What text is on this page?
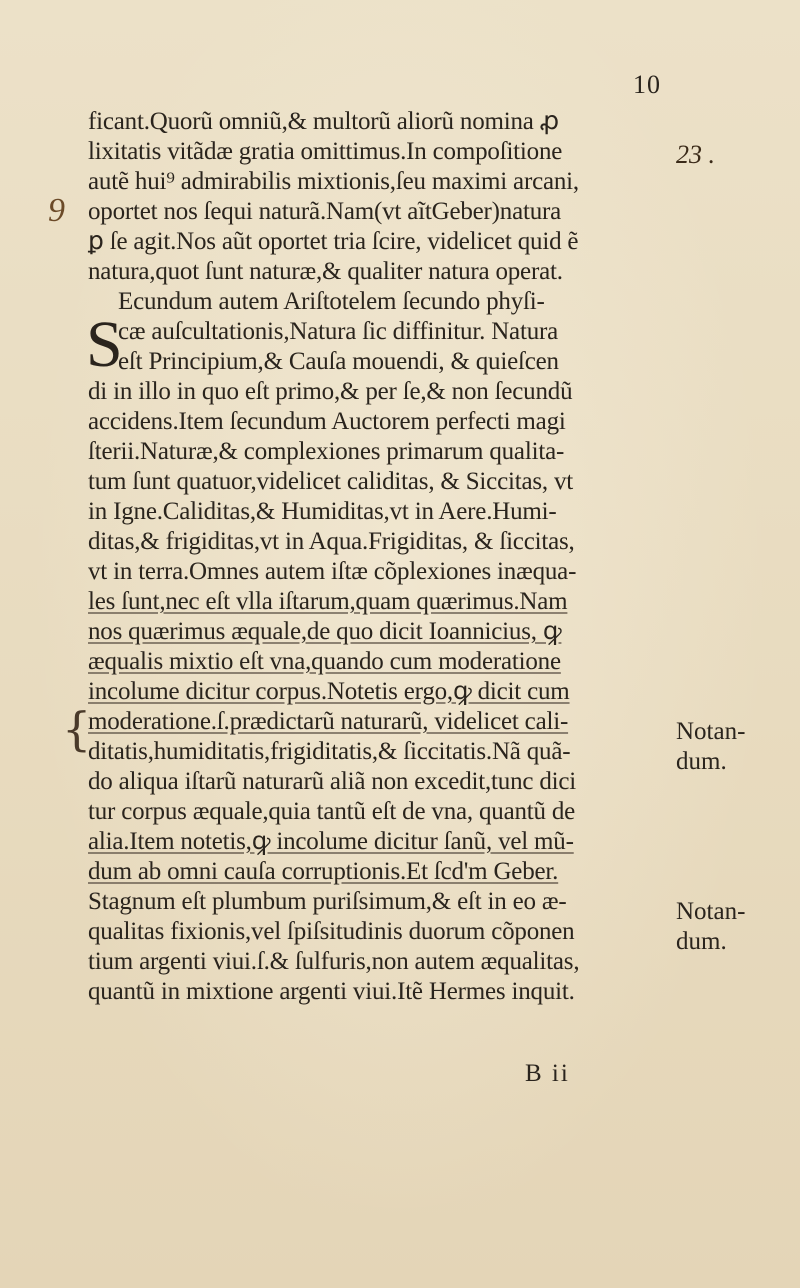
10
23 .
9
S
{
ficant.Quorũ omniũ,& multorũ aliorũ nomina ꝓ
lixitatis vitãdæ gratia omittimus.In compoſitione
autẽ hui⁹ admirabilis mixtionis,ſeu maximi arcani,
oportet nos ſequi naturã.Nam(vt aĩtGeber)natura
ꝑ ſe agit.Nos aũt oportet tria ſcire, videlicet quid ẽ
natura,quot ſunt naturæ,& qualiter natura operat.
Ecundum autem Ariſtotelem ſecundo phyſi-
cæ auſcultationis,Natura ſic diffinitur. Natura
eſt Principium,& Cauſa mouendi, & quieſcen
di in illo in quo eſt primo,& per ſe,& non ſecundũ
accidens.Item ſecundum Auctorem perfecti magi
ſterii.Naturæ,& complexiones primarum qualita-
tum ſunt quatuor,videlicet caliditas, & Siccitas, vt
in Igne.Caliditas,& Humiditas,vt in Aere.Humi-
ditas,& frigiditas,vt in Aqua.Frigiditas, & ſiccitas,
vt in terra.Omnes autem iſtæ cõplexiones inæqua-
les ſunt,nec eſt vlla iſtarum,quam quærimus.Nam
nos quærimus æquale,de quo dicit Ioannicius, ꝙ
æqualis mixtio eſt vna,quando cum moderatione
incolume dicitur corpus.Notetis ergo,ꝙ dicit cum
moderatione.ſ.prædictarũ naturarũ, videlicet cali-
ditatis,humiditatis,frigiditatis,& ſiccitatis.Nã quã-
do aliqua iſtarũ naturarũ aliã non excedit,tunc dici
tur corpus æquale,quia tantũ eſt de vna, quantũ de
alia.Item notetis,ꝙ incolume dicitur ſanũ, vel mũ-
dum ab omni cauſa corruptionis.Et ſcd'm Geber.
Stagnum eſt plumbum puriſsimum,& eſt in eo æ-
qualitas fixionis,vel ſpiſsitudinis duorum cõponen
tium argenti viui.ſ.& ſulfuris,non autem æqualitas,
quantũ in mixtione argenti viui.Itẽ Hermes inquit.
Notan-
dum.
Notan-
dum.
B ii
